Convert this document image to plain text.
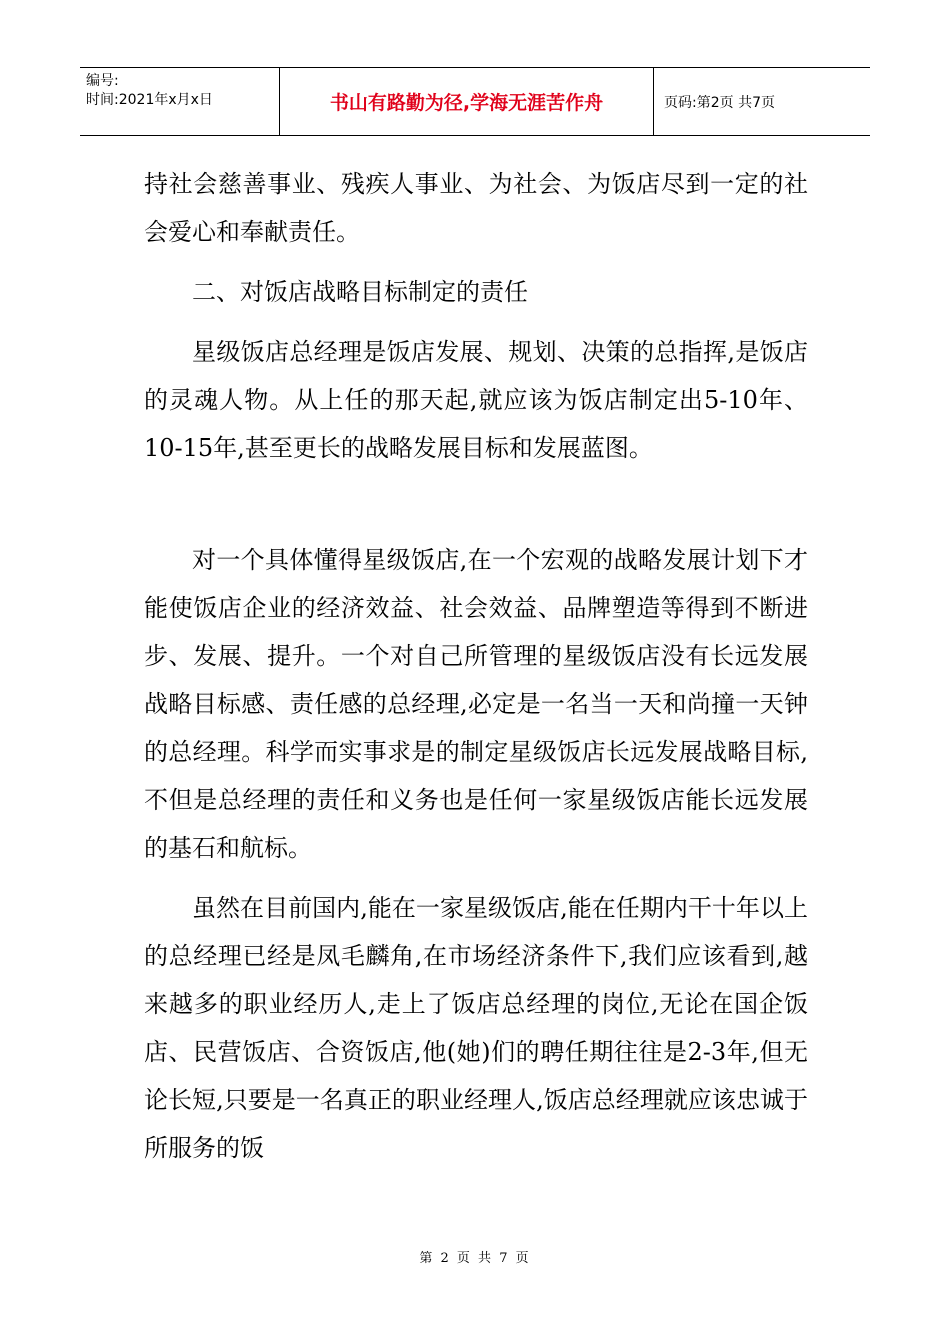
编号:
时间:2021年x月x日	书山有路勤为径,学海无涯苦作舟	页码:第2页 共7页

持社会慈善事业、残疾人事业、为社会、为饭店尽到一定的社会爱心和奉献责任。

二、对饭店战略目标制定的责任

星级饭店总经理是饭店发展、规划、决策的总指挥,是饭店的灵魂人物。从上任的那天起,就应该为饭店制定出5-10年、10-15年,甚至更长的战略发展目标和发展蓝图。

对一个具体懂得星级饭店,在一个宏观的战略发展计划下才能使饭店企业的经济效益、社会效益、品牌塑造等得到不断进步、发展、提升。一个对自己所管理的星级饭店没有长远发展战略目标感、责任感的总经理,必定是一名当一天和尚撞一天钟的总经理。科学而实事求是的制定星级饭店长远发展战略目标,不但是总经理的责任和义务也是任何一家星级饭店能长远发展的基石和航标。

虽然在目前国内,能在一家星级饭店,能在任期内干十年以上的总经理已经是凤毛麟角,在市场经济条件下,我们应该看到,越来越多的职业经历人,走上了饭店总经理的岗位,无论在国企饭店、民营饭店、合资饭店,他(她)们的聘任期往往是2-3年,但无论长短,只要是一名真正的职业经理人,饭店总经理就应该忠诚于所服务的饭

第 2 页 共 7 页
